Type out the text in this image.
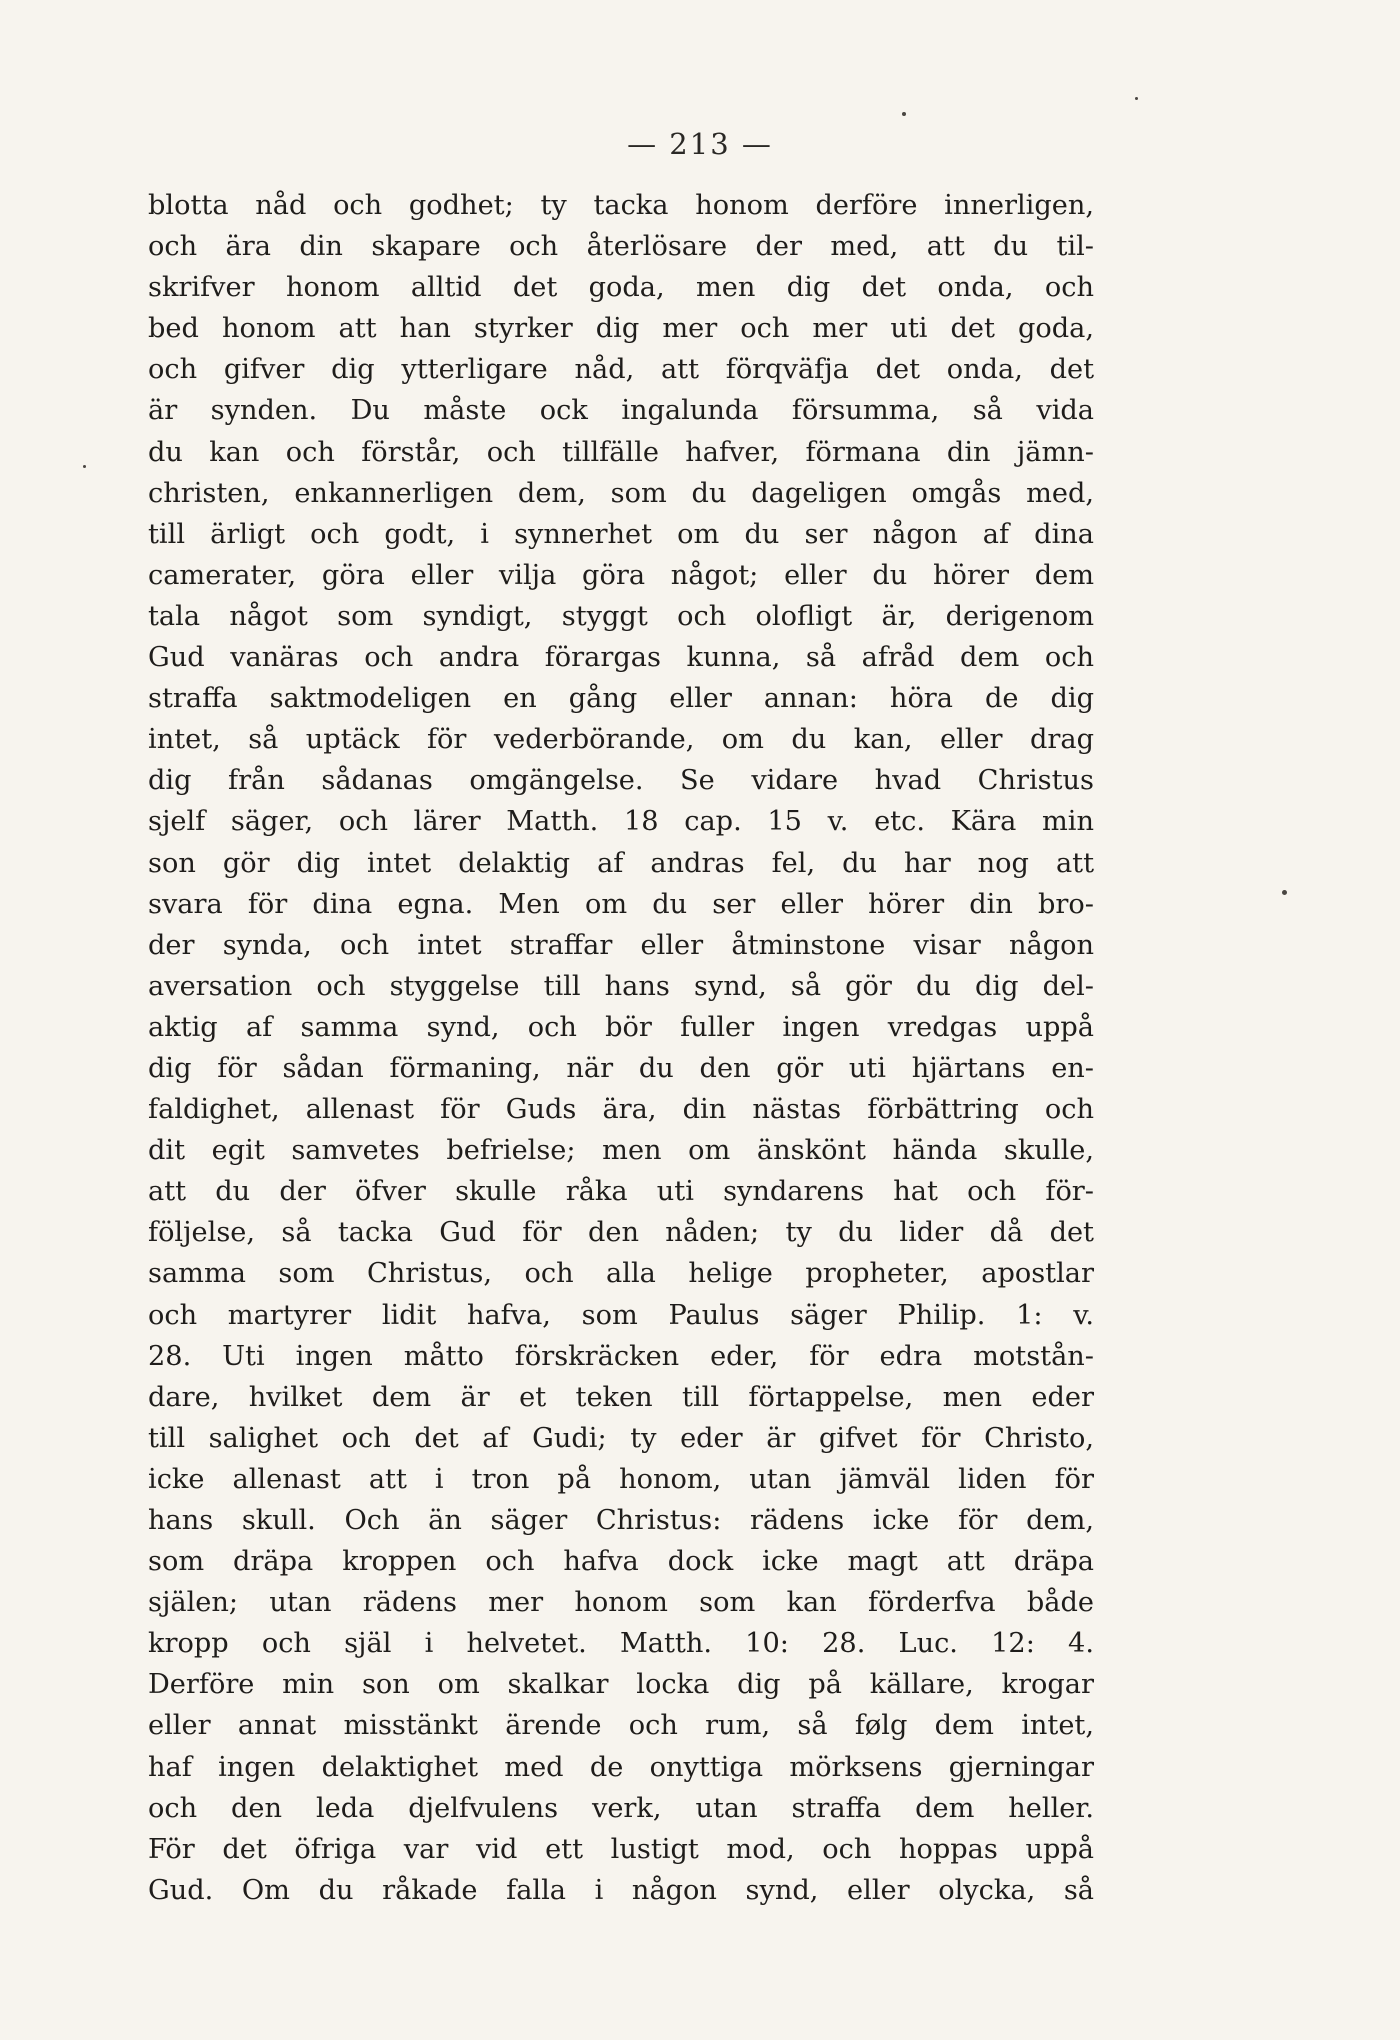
— 213 —
blotta nåd och godhet; ty tacka honom derföre innerligen,
och ära din skapare och återlösare der med, att du til-
skrifver honom alltid det goda, men dig det onda, och
bed honom att han styrker dig mer och mer uti det goda,
och gifver dig ytterligare nåd, att förqväfja det onda, det
är synden. Du måste ock ingalunda försumma, så vida
du kan och förstår, och tillfälle hafver, förmana din jämn-
christen, enkannerligen dem, som du dageligen omgås med,
till ärligt och godt, i synnerhet om du ser någon af dina
camerater, göra eller vilja göra något; eller du hörer dem
tala något som syndigt, styggt och olofligt är, derigenom
Gud vanäras och andra förargas kunna, så afråd dem och
straffa saktmodeligen en gång eller annan: höra de dig
intet, så uptäck för vederbörande, om du kan, eller drag
dig från sådanas omgängelse. Se vidare hvad Christus
sjelf säger, och lärer Matth. 18 cap. 15 v. etc. Kära min
son gör dig intet delaktig af andras fel, du har nog att
svara för dina egna. Men om du ser eller hörer din bro-
der synda, och intet straffar eller åtminstone visar någon
aversation och styggelse till hans synd, så gör du dig del-
aktig af samma synd, och bör fuller ingen vredgas uppå
dig för sådan förmaning, när du den gör uti hjärtans en-
faldighet, allenast för Guds ära, din nästas förbättring och
dit egit samvetes befrielse; men om änskönt hända skulle,
att du der öfver skulle råka uti syndarens hat och för-
följelse, så tacka Gud för den nåden; ty du lider då det
samma som Christus, och alla helige propheter, apostlar
och martyrer lidit hafva, som Paulus säger Philip. 1: v.
28. Uti ingen måtto förskräcken eder, för edra motstån-
dare, hvilket dem är et teken till förtappelse, men eder
till salighet och det af Gudi; ty eder är gifvet för Christo,
icke allenast att i tron på honom, utan jämväl liden för
hans skull. Och än säger Christus: rädens icke för dem,
som dräpa kroppen och hafva dock icke magt att dräpa
själen; utan rädens mer honom som kan förderfva både
kropp och själ i helvetet. Matth. 10: 28. Luc. 12: 4.
Derföre min son om skalkar locka dig på källare, krogar
eller annat misstänkt ärende och rum, så følg dem intet,
haf ingen delaktighet med de onyttiga mörksens gjerningar
och den leda djelfvulens verk, utan straffa dem heller.
För det öfriga var vid ett lustigt mod, och hoppas uppå
Gud. Om du råkade falla i någon synd, eller olycka, så
